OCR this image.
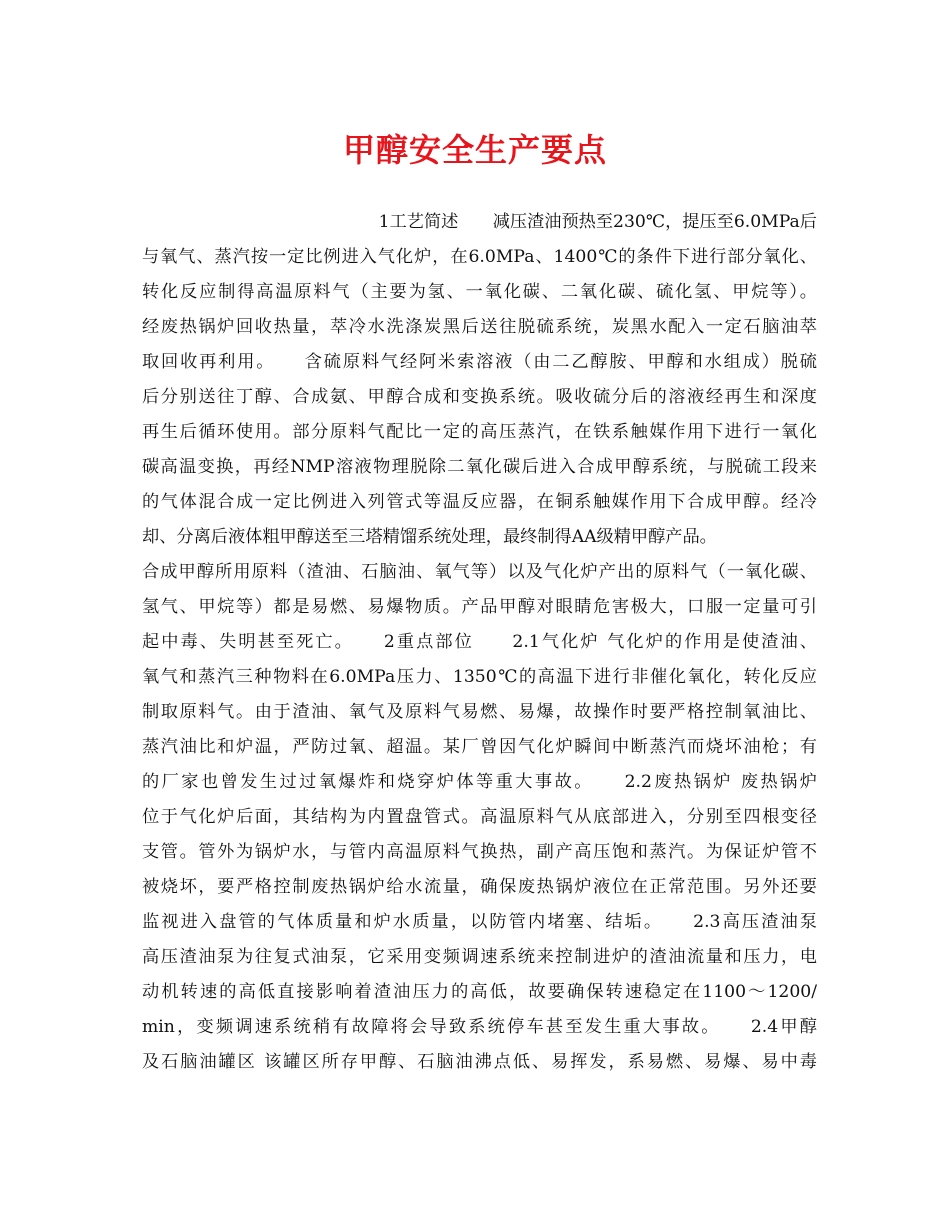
甲醇安全生产要点
1工艺简述　　减压渣油预热至230℃，提压至6.0MPa后
与氧气、蒸汽按一定比例进入气化炉，在6.0MPa、1400℃的条件下进行部分氧化、
转化反应制得高温原料气（主要为氢、一氧化碳、二氧化碳、硫化氢、甲烷等）。
经废热锅炉回收热量，萃冷水洗涤炭黑后送往脱硫系统，炭黑水配入一定石脑油萃
取回收再利用。　　含硫原料气经阿米索溶液（由二乙醇胺、甲醇和水组成）脱硫
后分别送往丁醇、合成氨、甲醇合成和变换系统。吸收硫分后的溶液经再生和深度
再生后循环使用。部分原料气配比一定的高压蒸汽，在铁系触媒作用下进行一氧化
碳高温变换，再经NMP溶液物理脱除二氧化碳后进入合成甲醇系统，与脱硫工段来
的气体混合成一定比例进入列管式等温反应器，在铜系触媒作用下合成甲醇。经冷
却、分离后液体粗甲醇送至三塔精馏系统处理，最终制得AA级精甲醇产品。
合成甲醇所用原料（渣油、石脑油、氧气等）以及气化炉产出的原料气（一氧化碳、
氢气、甲烷等）都是易燃、易爆物质。产品甲醇对眼睛危害极大，口服一定量可引
起中毒、失明甚至死亡。　　2重点部位　　2.1气化炉 气化炉的作用是使渣油、
氧气和蒸汽三种物料在6.0MPa压力、1350℃的高温下进行非催化氧化，转化反应
制取原料气。由于渣油、氧气及原料气易燃、易爆，故操作时要严格控制氧油比、
蒸汽油比和炉温，严防过氧、超温。某厂曾因气化炉瞬间中断蒸汽而烧坏油枪；有
的厂家也曾发生过过氧爆炸和烧穿炉体等重大事故。　　2.2废热锅炉 废热锅炉
位于气化炉后面，其结构为内置盘管式。高温原料气从底部进入，分别至四根变径
支管。管外为锅炉水，与管内高温原料气换热，副产高压饱和蒸汽。为保证炉管不
被烧坏，要严格控制废热锅炉给水流量，确保废热锅炉液位在正常范围。另外还要
监视进入盘管的气体质量和炉水质量，以防管内堵塞、结垢。　　2.3高压渣油泵
高压渣油泵为往复式油泵，它采用变频调速系统来控制进炉的渣油流量和压力，电
动机转速的高低直接影响着渣油压力的高低，故要确保转速稳定在1100～1200/
min，变频调速系统稍有故障将会导致系统停车甚至发生重大事故。　　2.4甲醇
及石脑油罐区 该罐区所存甲醇、石脑油沸点低、易挥发，系易燃、易爆、易中毒
